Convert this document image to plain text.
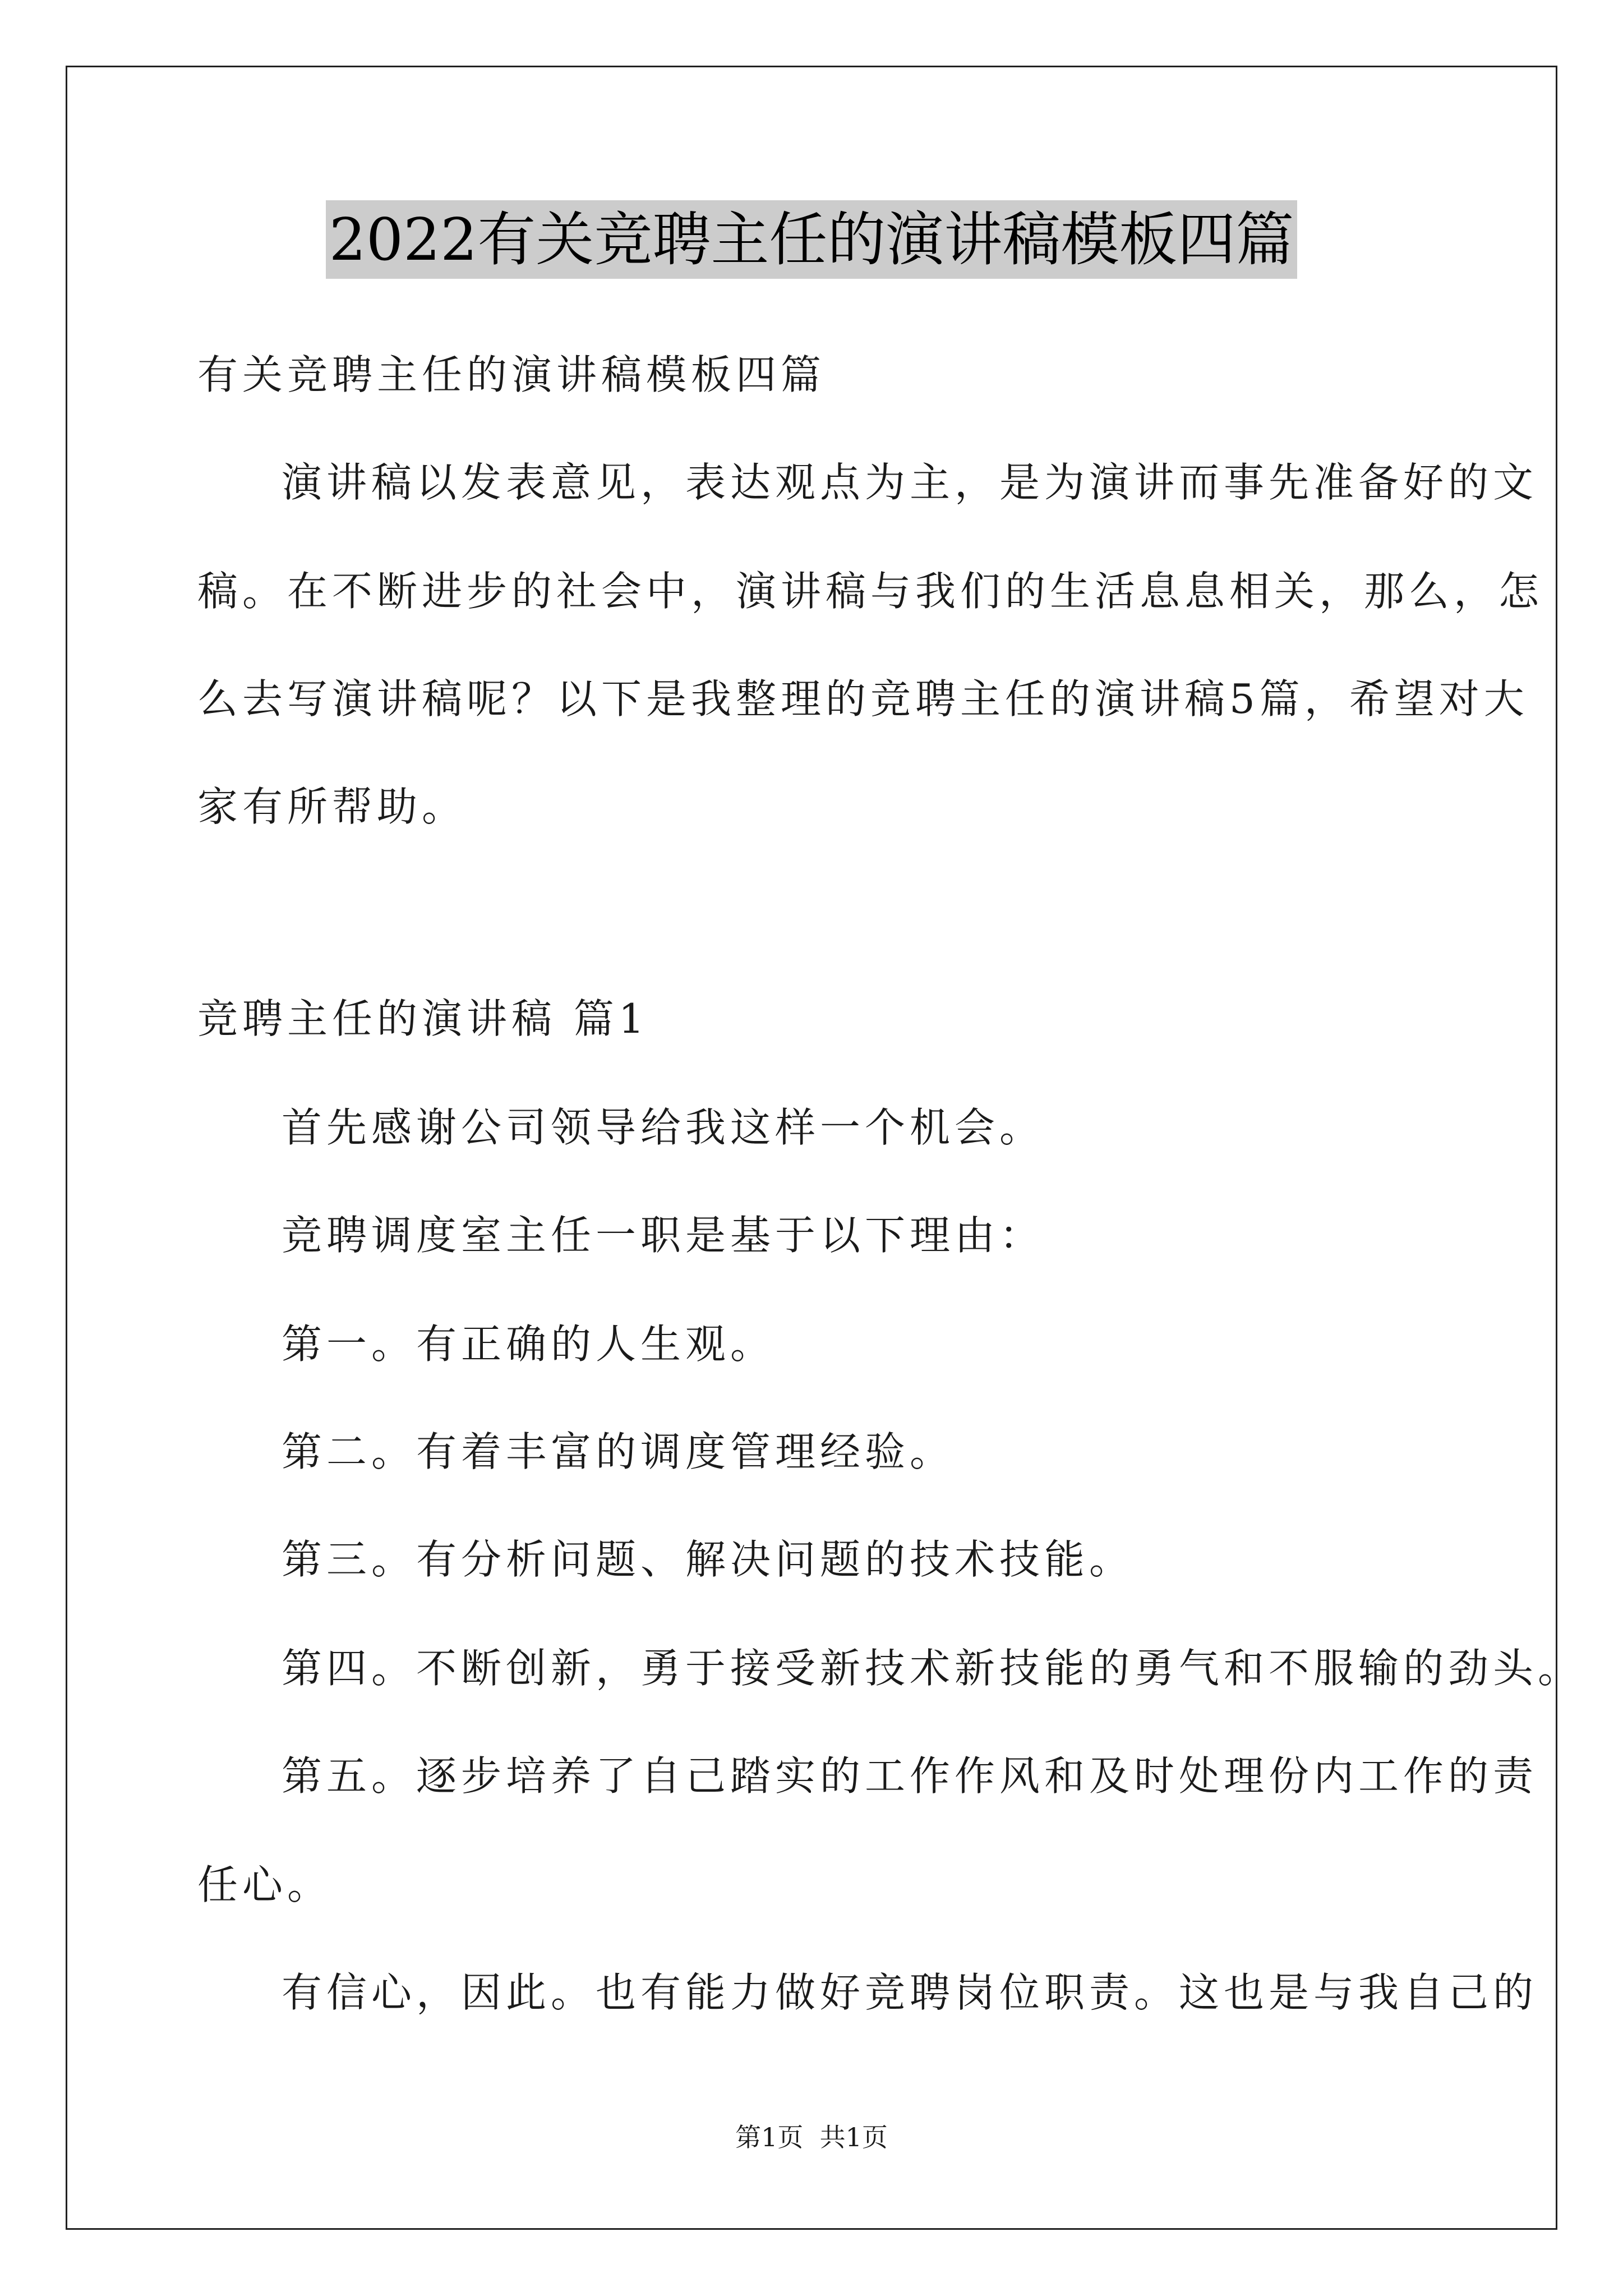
2022有关竞聘主任的演讲稿模板四篇
有关竞聘主任的演讲稿模板四篇
演讲稿以发表意见，表达观点为主，是为演讲而事先准备好的文
稿。在不断进步的社会中，演讲稿与我们的生活息息相关，那么，怎
么去写演讲稿呢？以下是我整理的竞聘主任的演讲稿5篇，希望对大
家有所帮助。
竞聘主任的演讲稿 篇1
首先感谢公司领导给我这样一个机会。
竞聘调度室主任一职是基于以下理由：
第一。有正确的人生观。
第二。有着丰富的调度管理经验。
第三。有分析问题、解决问题的技术技能。
第四。不断创新，勇于接受新技术新技能的勇气和不服输的劲头。
第五。逐步培养了自己踏实的工作作风和及时处理份内工作的责
任心。
有信心，因此。也有能力做好竞聘岗位职责。这也是与我自己的
第1页  共1页
